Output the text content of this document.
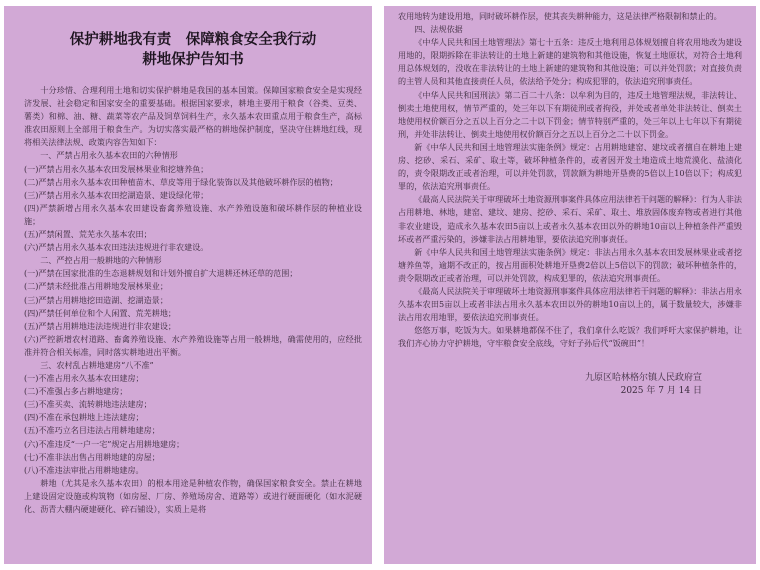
保护耕地我有责　保障粮食安全我行动
耕地保护告知书

十分珍惜、合理利用土地和切实保护耕地是我国的基本国策。保障国家粮食安全是实现经济发展、社会稳定和国家安全的重要基础。根据国家要求，耕地主要用于粮食（谷类、豆类、薯类）和棉、油、糖、蔬菜等农产品及饲草饲料生产，永久基本农田重点用于粮食生产，高标准农田原则上全部用于粮食生产。为切实落实最严格的耕地保护制度，坚决守住耕地红线，现将相关法律法规、政策内容告知如下：

一、严禁占用永久基本农田的六种情形

(一)严禁占用永久基本农田发展林果业和挖塘养鱼；

(二)严禁占用永久基本农田种植苗木、草皮等用于绿化装饰以及其他破坏耕作层的植物；

(三)严禁占用永久基本农田挖湖造景、建设绿化带；

(四)严禁新增占用永久基本农田建设畜禽养殖设施、水产养殖设施和破坏耕作层的种植业设施；

(五)严禁闲置、荒芜永久基本农田；

(六)严禁占用永久基本农田违法违规进行非农建设。

二、严控占用一般耕地的六种情形

(一)严禁在国家批准的生态退耕规划和计划外擅自扩大退耕还林还草的范围；

(二)严禁未经批准占用耕地发展林果业；

(三)严禁占用耕地挖田造湖、挖湖造景；

(四)严禁任何单位和个人闲置、荒芜耕地；

(五)严禁占用耕地违法违规进行非农建设；

(六)严控新增农村道路、畜禽养殖设施、水产养殖设施等占用一般耕地，确需使用的，应经批准并符合相关标准，同时落实耕地进出平衡。

三、农村乱占耕地建房“八不准”

(一)不准占用永久基本农田建房；

(二)不准强占多占耕地建房；

(三)不准买卖、流转耕地违法建房；

(四)不准在承包耕地上违法建房；

(五)不准巧立名目违法占用耕地建房；

(六)不准违反“一户一宅”规定占用耕地建房；

(七)不准非法出售占用耕地建的房屋；

(八)不准违法审批占用耕地建房。

耕地（尤其是永久基本农田）的根本用途是种植农作物，确保国家粮食安全。禁止在耕地上建设固定设施或构筑物（如房屋、厂房、养殖场房舍、道路等）或进行硬面硬化（如水泥硬化、沥青大棚内硬建硬化、碎石铺设），实质上是将

农用地转为建设用地，同时破坏耕作层，使其丧失耕种能力，这是法律严格限制和禁止的。

四、法规依据

《中华人民共和国土地管理法》第七十五条：违反土地利用总体规划擅自将农用地改为建设用地的，限期拆除在非法转让的土地上新建的建筑物和其他设施，恢复土地原状，对符合土地利用总体规划的，没收在非法转让的土地上新建的建筑物和其他设施；可以并处罚款；对直接负责的主管人员和其他直接责任人员，依法给予处分；构成犯罪的，依法追究刑事责任。

《中华人民共和国刑法》第二百二十八条：以牟利为目的，违反土地管理法规，非法转让、倒卖土地使用权，情节严重的，处三年以下有期徒刑或者拘役，并处或者单处非法转让、倒卖土地使用权价额百分之五以上百分之二十以下罚金；情节特别严重的，处三年以上七年以下有期徒刑，并处非法转让、倒卖土地使用权价额百分之五以上百分之二十以下罚金。

新《中华人民共和国土地管理法实施条例》规定：占用耕地建窑、建坟或者擅自在耕地上建房、挖砂、采石、采矿、取土等，破坏种植条件的，或者因开发土地造成土地荒漠化、盐渍化的，责令限期改正或者治理，可以并处罚款，罚款额为耕地开垦费的5倍以上10倍以下；构成犯罪的，依法追究刑事责任。

《最高人民法院关于审理破坏土地资源刑事案件具体应用法律若干问题的解释》：行为人非法占用耕地、林地，建窑、建坟、建房、挖砂、采石、采矿、取土、堆放固体废弃物或者进行其他非农业建设，造成永久基本农田5亩以上或者永久基本农田以外的耕地10亩以上种植条件严重毁坏或者严重污染的，涉嫌非法占用耕地罪，要依法追究刑事责任。

新《中华人民共和国土地管理法实施条例》规定：非法占用永久基本农田发展林果业或者挖塘养鱼等，逾期不改正的，按占用面积处耕地开垦费2倍以上5倍以下的罚款；破坏种植条件的，责令限期改正或者治理，可以并处罚款，构成犯罪的，依法追究刑事责任。

《最高人民法院关于审理破坏土地资源刑事案件具体应用法律若干问题的解释》：非法占用永久基本农田5亩以上或者非法占用永久基本农田以外的耕地10亩以上的，属于数量较大，涉嫌非法占用农用地罪，要依法追究刑事责任。

悠悠万事，吃饭为大。如果耕地都保不住了，我们拿什么吃饭？我们呼吁大家保护耕地，让我们齐心协力守护耕地，守牢粮食安全底线，守好子孙后代“饭碗田”！

九原区哈林格尔镇人民政府宣
2025 年 7 月 14 日
